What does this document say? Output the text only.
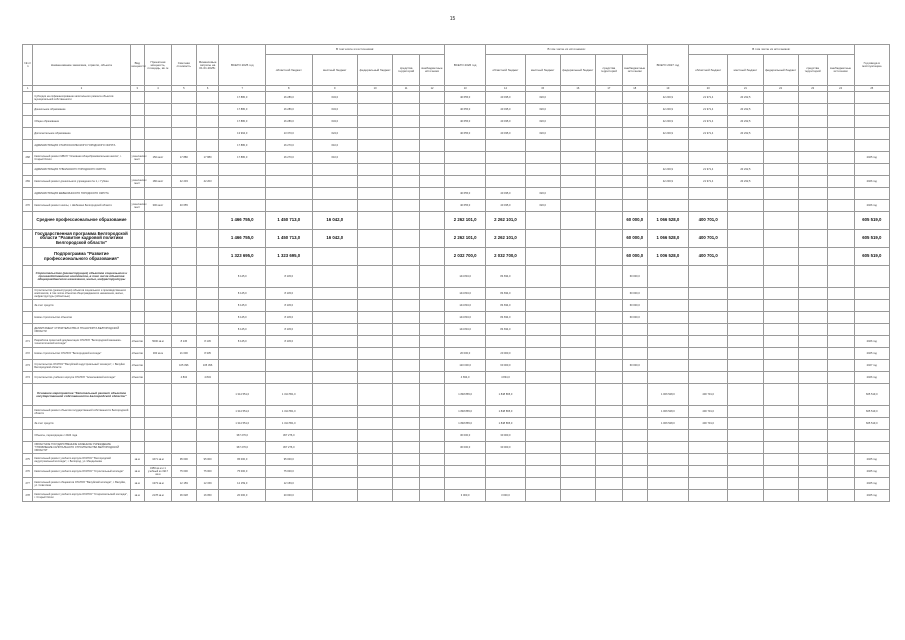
15
№ п/п	Наименование заказчика, отрасли, объекта	Вид мощности	Проектная мощность, площадь, кв. м	Сметная стоимость	Финансовые затраты на 01.01.2025г.	ВСЕГО 2025 год	В том числе из источников:					ВСЕГО 2026 год	В том числе из источников:					ВСЕГО 2027 год	В том числе из источников:					Год ввода в эксплуатацию
							областной бюджет	местный бюджет	федеральный бюджет	средства территорий	внебюджетные источники		областной бюджет	местный бюджет	федеральный бюджет	средства территорий	внебюджетные источники		областной бюджет	местный бюджет	федеральный бюджет	средства территорий	внебюджетные источники	
1	2	3	4	5	6	7	8	9	10	11	12	13	14	15	16	17	18	19	20	21	22	23	24	25
	Субсидии на софинансирование капитального ремонта объектов муниципальной собственности					17 880,0	16 286,0	634,0				40 655,0	40 035,0	620,0				42 203,9	21 971,4	20 232,5				
	Дошкольное образование					17 880,0	16 286,0	634,0				40 655,0	40 035,0	620,0				42 203,9	21 971,4	20 232,5				
	Общее образование					17 880,0	16 286,0	634,0				40 655,0	40 035,0	620,0				42 203,9	21 971,4	20 232,5				
	Дополнительное образование					13 994,0	13 370,0	624,0				40 655,0	40 035,0	620,0				42 203,9	21 971,4	20 232,5				
	АДМИНИСТРАЦИЯ СТАРООСКОЛЬСКОГО ГОРОДСКОГО ОКРУГА					17 880,0	16 270,0	610,0																
268	Капитальный ремонт МБОУ "Основная общеобразовательная школа", г. Старый Оскол	ученических мест	150 мест	17 880	17 880	17 880,0	16 270,0	610,0																2025 год
	АДМИНИСТРАЦИЯ ГУБКИНСКОГО ГОРОДСКОГО ОКРУГА																	42 203,9	21 971,4	20 232,5				
269	Капитальный ремонт дошкольного учреждения № 1, г. Губкин	ученических мест	180 мест	42 203	42 203													42 203,9	21 971,4	20 232,5				2026 год
	АДМИНИСТРАЦИЯ ШЕБЕКИНСКОГО ГОРОДСКОГО ОКРУГА											40 655,0	40 035,0	620,0										
270	Капитальный ремонт школы, г. Шебекино Белгородской области	ученических мест	300 мест	40 655								40 655,0	40 035,0	620,0										2026 год
	Среднее профессиональное образование					1 466 755,0	1 450 713,0	16 042,0				2 262 101,0	2 262 101,0				60 000,0	1 066 528,0	400 701,0					605 519,0
	Государственная программа Белгородской области "Развитие кадровой политики Белгородской области"					1 466 755,0	1 450 713,0	16 042,0				2 262 101,0	2 262 101,0				60 000,0	1 066 528,0	400 701,0					605 519,0
	Подпрограмма "Развитие профессионального образования"					1 323 695,0	1 323 695,0					2 032 700,0	2 032 700,0				60 000,0	1 006 528,0	400 701,0					605 519,0
	Строительство (реконструкция) объектов социального и производственного комплексов, в том числе объектов общегражданского назначения, жилья, инфраструктуры					8 145,0	8 145,0					144 834,0	84 834,0				60 000,0							
	Строительство (реконструкция) объектов социального и производственного комплексов, в том числе объектов общегражданского назначения, жилья, инфраструктуры (областные)					8 145,0	8 145,0					144 834,0	84 834,0				60 000,0							
	За счет средств					8 145,0	8 145,0					144 834,0	84 834,0				60 000,0							
	Новое строительство объектов					8 145,0	8 145,0					144 834,0	84 834,0				60 000,0							
	ДЕПАРТАМЕНТ СТРОИТЕЛЬСТВА И ТРАНСПОРТА БЕЛГОРОДСКОЙ ОБЛАСТИ					8 145,0	8 145,0					144 834,0	84 834,0											
271	Разработка проектной документации ОГАПОУ "Белгородский механико-технологический колледж"	объектов	5000 кв.м	8 145	8 145	8 145,0	8 145,0																	2026 год
272	Новое строительство ОГАПОУ "Белгородский колледж"	объектов	300 кв.м	21 000	8 335							20 000,0	20 000,0											2025 год
273	Строительство ОГАПОУ "Валуйский индустриальный техникум", г. Валуйки Белгородской области	объектов		105 396	105 396							120 000,0	60 000,0				60 000,0							2027 год
274	Строительство учебного корпуса ОГАПОУ "Алексеевский колледж"	объектов		4 834	4 834							4 834,0	4 834,0											2026 год
	Основное мероприятие "Капитальный ремонт объектов государственной собственности Белгородской области"					1 314 551,0	1 314 551,0					1 848 865,0	1 848 865,0					1 006 528,0	400 701,0					605 519,0
	Капитальный ремонт объектов государственной собственности Белгородской области					1 314 551,0	1 314 551,0					1 848 865,0	1 848 865,0					1 006 528,0	400 701,0					605 519,0
	За счет средств					1 314 551,0	1 314 551,0					1 848 865,0	1 848 865,0					1 006 528,0	400 701,0					605 519,0
	Объекты, переходящие с 2024 года					367 276,0	367 276,0					30 000,0	30 000,0											
	ОБЛАСТНОЕ ГОСУДАРСТВЕННОЕ КАЗЕННОЕ УЧРЕЖДЕНИЕ "УПРАВЛЕНИЕ КАПИТАЛЬНОГО СТРОИТЕЛЬСТВА БЕЛГОРОДСКОЙ ОБЛАСТИ"					367 276,0	367 276,0					30 000,0	30 000,0											
275	Капитальный ремонт учебного корпуса ОГАПОУ "Белгородский индустриальный колледж", г. Белгород, ул. Менделеева	кв.м	1671 кв.м	95 000	95 000	95 000,0	95 000,0																	2025 год
276	Капитальный ремонт учебного корпуса ОГАПОУ "Строительный колледж"	кв.м	4356 кв.м и 1 учебный ко 1917 кв.м	75 000	75 000	75 000,0	75 000,0																	2025 год
277	Капитальный ремонт общежития ОГАПОУ "Валуйский колледж", г. Валуйки, ул. Советская	кв.м	1373 кв.м	12 159	12 159	12 159,0	12 159,0																	2025 год
278	Капитальный ремонт учебного корпуса ОГАПОУ "Старооскольский колледж", г. Старый Оскол	кв.м	2178 кв.м	36 028	16 050	20 000,0	20 000,0					3 000,0	3 000,0											2025 год
